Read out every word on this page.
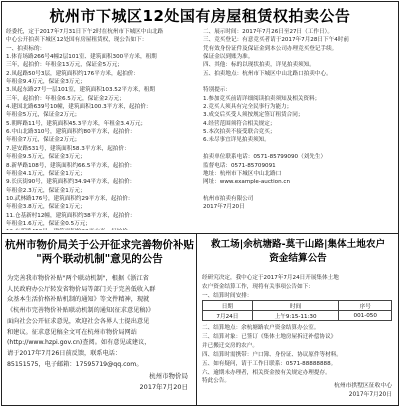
杭州市下城区12处国有房屋租赁权拍卖公告

经委托，定于2017年7月31日下午2时在杭州市下城区中山北路

中心公开拍卖下城区12处国有房屋租赁权，现公告如下：

一、拍卖标的：

1.体育场路266号4幢2层101室、建筑面积300平方米，租期

三年，起拍价：年租金13万元，保证金5万元；

2.凤起路50号3层，建筑面积约176平方米，起拍价：

年租金9.4万元，保证金3万元；

3.凤起东路27号一层101室，建筑面积103.52平方米，租期

三年，起拍价：年租金6.5万元，保证金2万元；

4.建国北路639号10幢，建筑面积100.3平方米，起拍价：

年租金5万元，保证金2万元；

5.朝晖路11号，建筑面积45.3平方米，年租金3.4万元；

6.中山北路310号，建筑面积约80平方米，起拍价：

年租金7万元，保证金2万元；

7.延安路531号，建筑面积58.3平方米，起拍价：

年租金9.5万元，保证金3万元；

8.新华路108号，建筑面积约66.5平方米，起拍价：

年租金4.1万元，保证金1万元；

9.长庆街90号，建筑面积约34.94平方米，起拍价：

年租金2.3万元，保证金1万元；

10.武林路176号，建筑面积约29平方米，起拍价：

年租金3.8万元，保证金1万元；

11.仓基新村12幢，建筑面积约38平方米，起拍价：

年租金1.6万元，保证金0.5万元；

二、展示时间：2017年7月26日至27日（工作日）。

三、竞买登记：有意竞买者请于2017年7月28日下午4时前

凭有效身份证件及保证金到本公司办理竞买登记手续。

保证金以到账为准。

四、其他：标的以现状拍卖，详见拍卖须知。

五、拍卖地点：杭州市下城区中山北路口拍卖中心。

特别提示：

1.参加竞买前请详细阅读拍卖须知及相关资料；

2.竞买人须具有完全民事行为能力；

3.成交后买受人须按规定签订租赁合同；

4.经营范围须符合相关规定；

5.本次拍卖不接受联合竞买；

6.未尽事宜详见拍卖须知。

拍卖单位联系电话：0571-85799090（刘先生）

监督电话：0571-85709091

地址：杭州市下城区中山北路口

网址：www.example-auction.cn

杭州市拍卖有限公司

2017年7月20日

杭州市物价局关于公开征求完善物价补贴
"两个联动机制"意见的公告

为完善我市物价补贴"两个联动机制"，根据《浙江省

人民政府办公厅转发省物价局等部门关于完善低收入群

众基本生活价格补贴机制的通知》等文件精神，现就

《杭州市完善物价补贴联动机制的通知(征求意见稿)》

面向社会公开征求意见，欢迎社会各界人士提出意见

和建议。征求意见稿全文可在杭州市物价局网站

(http://www.hzpi.gov.cn)查阅。如有意见或建议，

请于2017年7月26日前反馈，联系电话：

85151575，电子邮箱：17595719@qq.com。

杭州市物价局
2017年7月20日
救工场|余杭塘路-莫干山路|集体土地农户
资金结算公告

经研究决定，我中心定于2017年7月24日开展集体土地

农户资金结算工作，现将有关事项公告如下：

一、结算时间安排：

日期	时间	序号
7月24日	上午9:15-11:30	001-050

二、结算地点：余杭塘路农户资金结算办公室。

三、结算对象：已签订《集体土地房屋拆迁补偿协议》

并已搬迁交房的农户。

四、结算时需携带：户口簿、身份证、协议原件等材料。

五、如有疑问，请于工作日联系：0571-88888888。

六、逾期未办理者，相关资金按有关规定办理提存。

特此公告。

杭州市拱墅区征收中心
2017年7月20日
